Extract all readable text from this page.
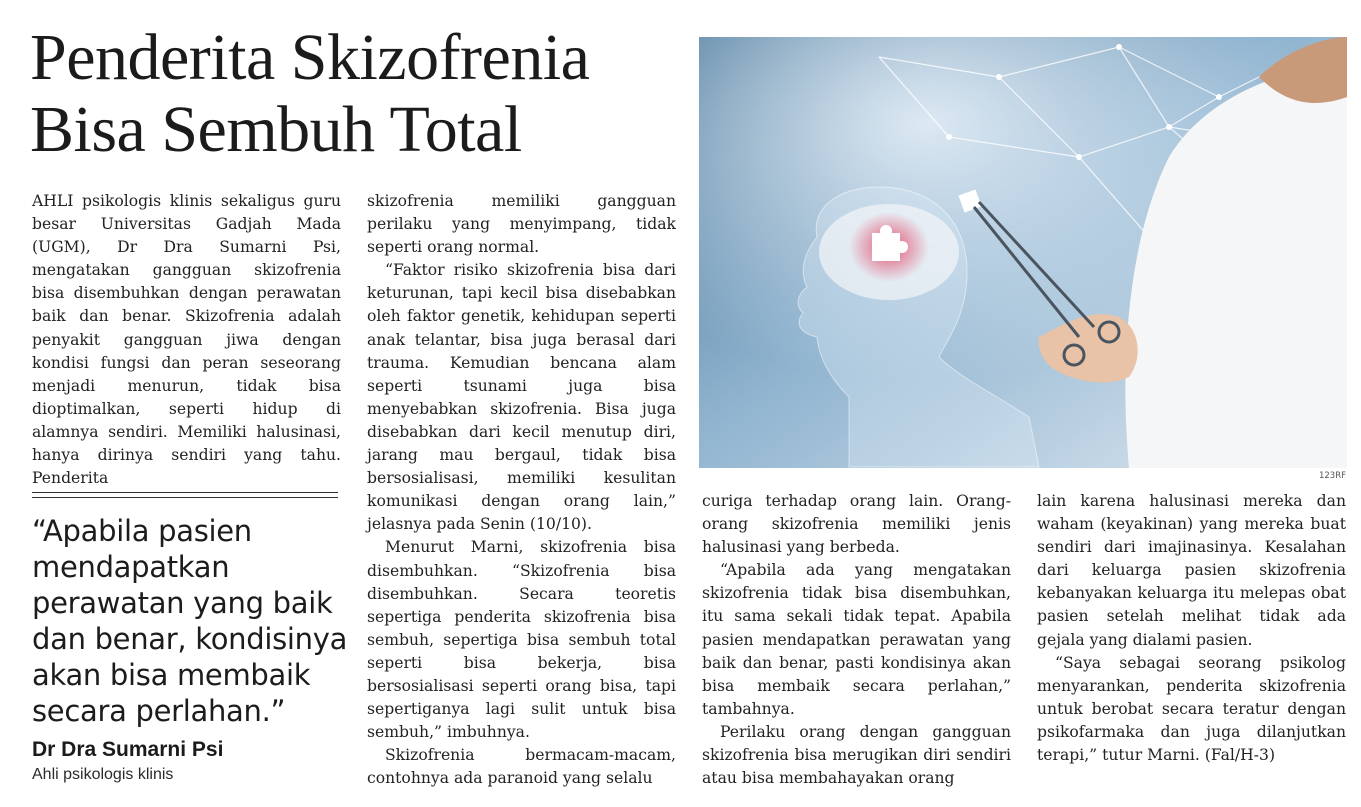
Penderita Skizofrenia
Bisa Sembuh Total

AHLI psikologis klinis sekaligus guru besar Universitas Gadjah Mada (UGM), Dr Dra Sumarni Psi, mengatakan gangguan skizofrenia bisa disembuhkan dengan perawatan baik dan benar. Skizofrenia adalah penyakit gangguan jiwa dengan kondisi fungsi dan peran seseorang menjadi menurun, tidak bisa dioptimalkan, seperti hidup di alamnya sendiri. Memiliki halusinasi, hanya dirinya sendiri yang tahu. Penderita

“Apabila pasien mendapatkan perawatan yang baik dan benar, kondisinya akan bisa membaik secara perlahan.”
Dr Dra Sumarni Psi
Ahli psikologis klinis

skizofrenia memiliki gangguan perilaku yang menyimpang, tidak seperti orang normal.

“Faktor risiko skizofrenia bisa dari keturunan, tapi kecil bisa disebabkan oleh faktor genetik, kehidupan seperti anak telantar, bisa juga berasal dari trauma. Kemudian bencana alam seperti tsunami juga bisa menyebabkan skizofrenia. Bisa juga disebabkan dari kecil menutup diri, jarang mau bergaul, tidak bisa bersosialisasi, memiliki kesulitan komunikasi dengan orang lain,” jelasnya pada Senin (10/10).

Menurut Marni, skizofrenia bisa disembuhkan. “Skizofrenia bisa disembuhkan. Secara teoretis sepertiga penderita skizofrenia bisa sembuh, sepertiga bisa sembuh total seperti bisa bekerja, bisa bersosialisasi seperti orang bisa, tapi sepertiganya lagi sulit untuk bisa sembuh,” imbuhnya.

Skizofrenia bermacam-macam, contohnya ada paranoid yang selalu

123RF

curiga terhadap orang lain. Orang-orang skizofrenia memiliki jenis halusinasi yang berbeda.

“Apabila ada yang mengatakan skizofrenia tidak bisa disembuhkan, itu sama sekali tidak tepat. Apabila pasien mendapatkan perawatan yang baik dan benar, pasti kondisinya akan bisa membaik secara perlahan,” tambahnya.

Perilaku orang dengan gangguan skizofrenia bisa merugikan diri sendiri atau bisa membahayakan orang

lain karena halusinasi mereka dan waham (keyakinan) yang mereka buat sendiri dari imajinasinya. Kesalahan dari keluarga pasien skizofrenia kebanyakan keluarga itu melepas obat pasien setelah melihat tidak ada gejala yang dialami pasien.

“Saya sebagai seorang psikolog menyarankan, penderita skizofrenia untuk berobat secara teratur dengan psikofarmaka dan juga dilanjutkan terapi,” tutur Marni. (Fal/H-3)
